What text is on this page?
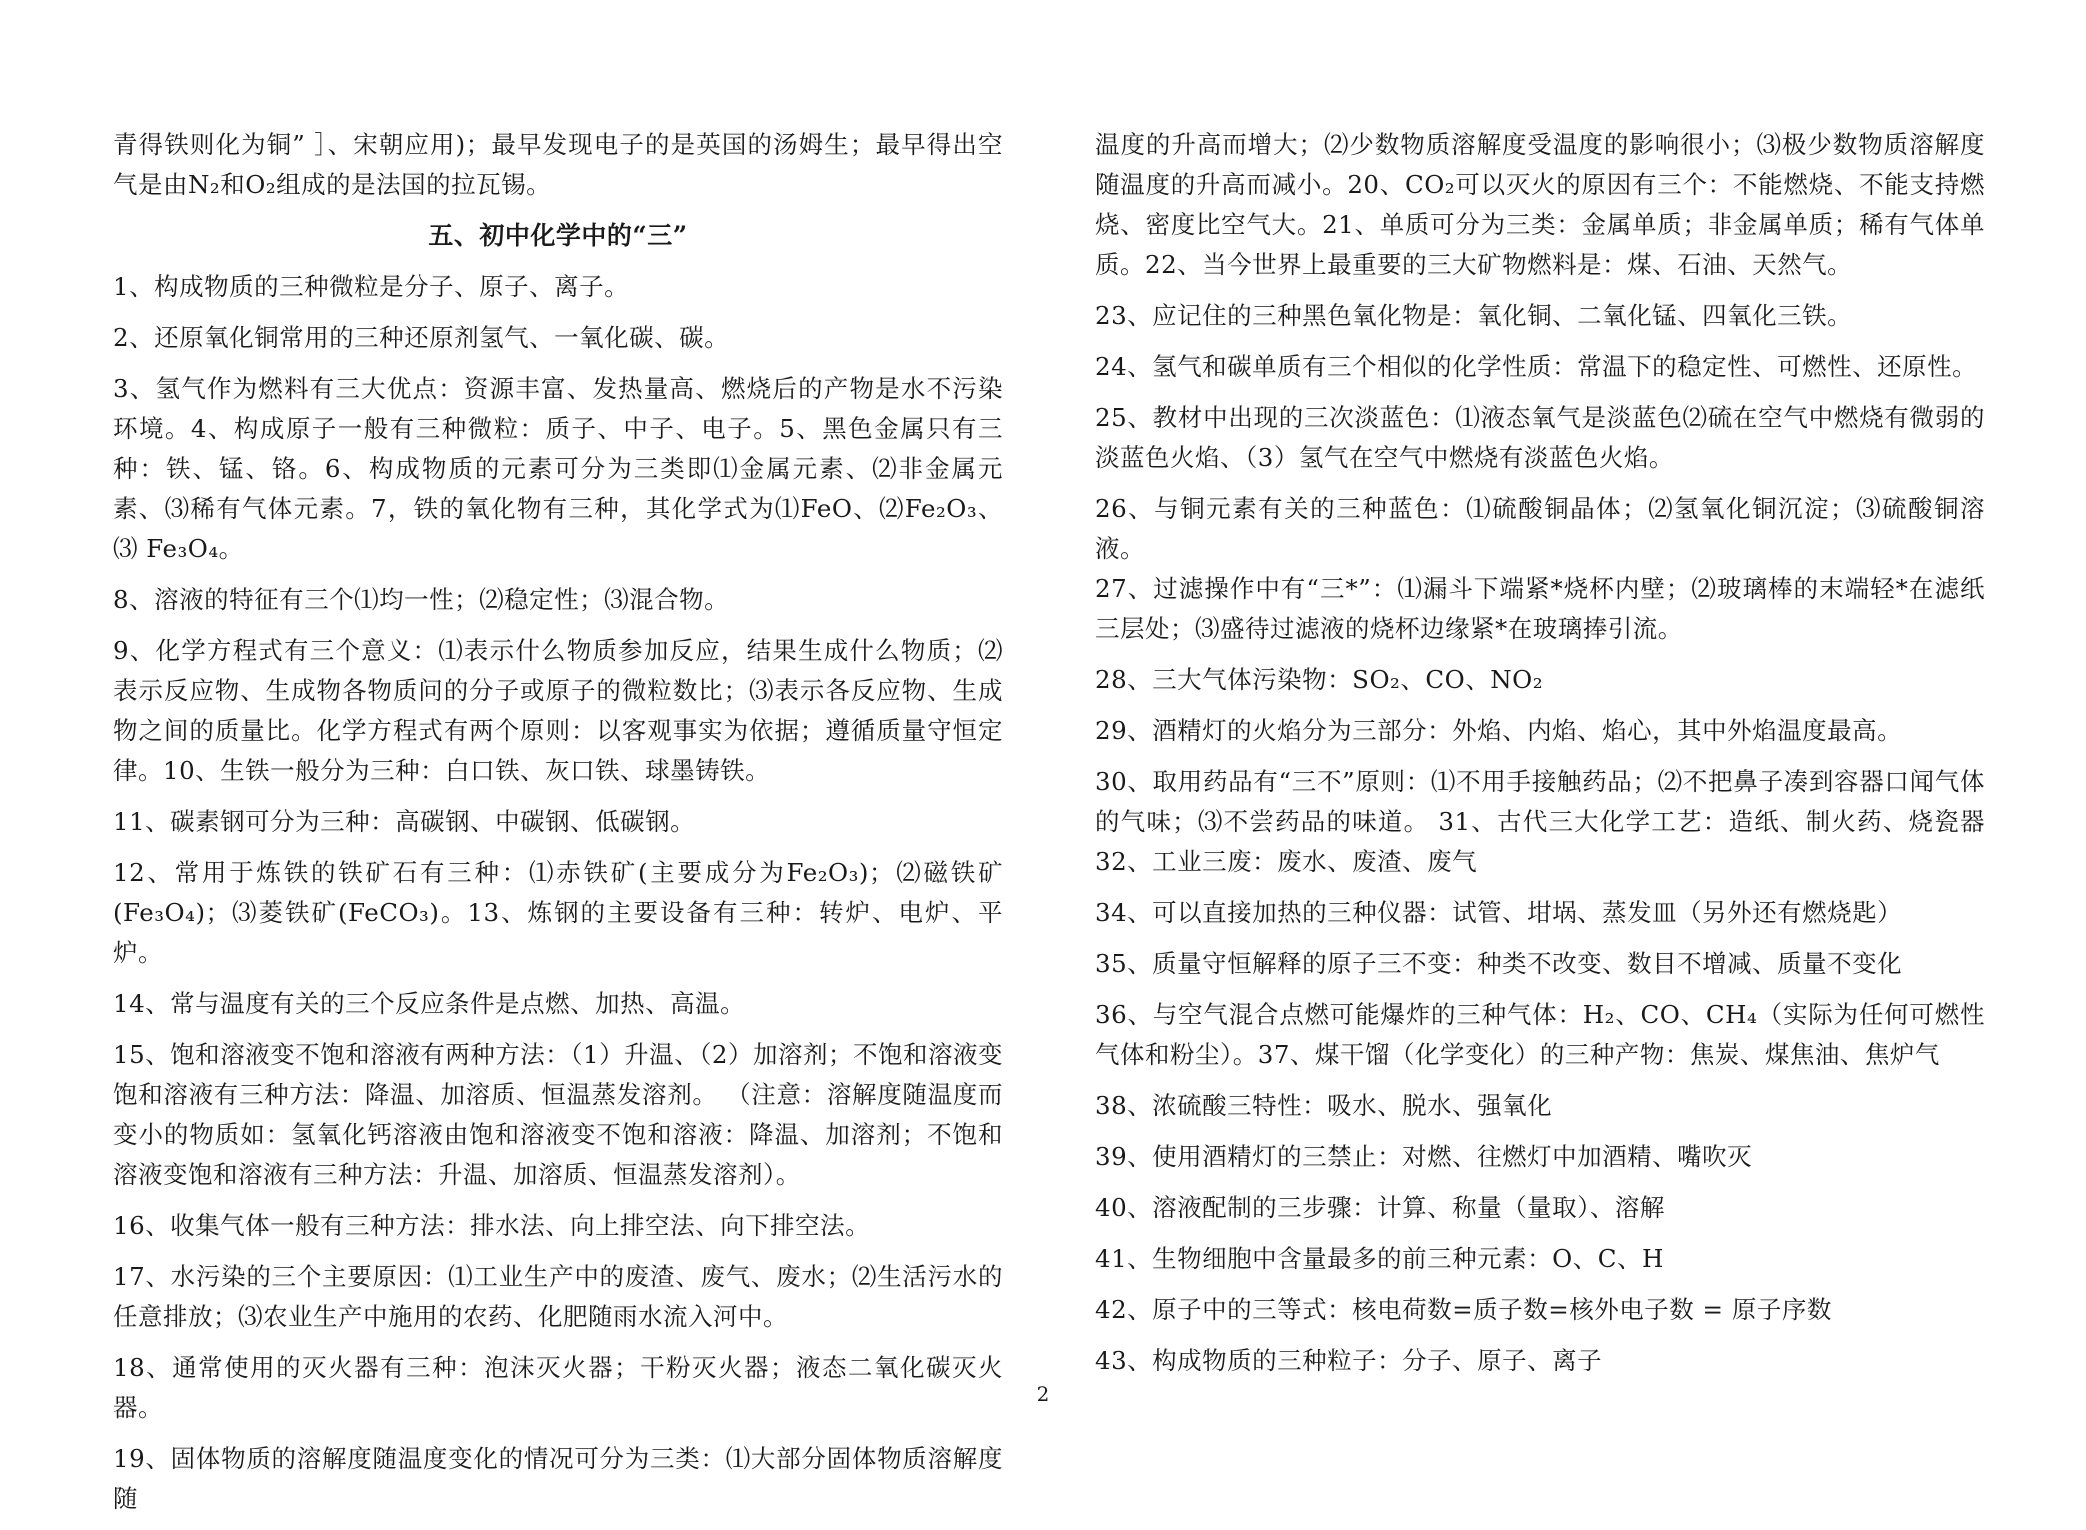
青得铁则化为铜” ］、宋朝应用)；最早发现电子的是英国的汤姆生；最早得出空气是由N₂和O₂组成的是法国的拉瓦锡。

五、初中化学中的“三”

1、构成物质的三种微粒是分子、原子、离子。

2、还原氧化铜常用的三种还原剂氢气、一氧化碳、碳。

3、氢气作为燃料有三大优点：资源丰富、发热量高、燃烧后的产物是水不污染环境。4、构成原子一般有三种微粒：质子、中子、电子。5、黑色金属只有三种：铁、锰、铬。6、构成物质的元素可分为三类即⑴金属元素、⑵非金属元素、⑶稀有气体元素。7，铁的氧化物有三种，其化学式为⑴FeO、⑵Fe₂O₃、⑶ Fe₃O₄。

8、溶液的特征有三个⑴均一性；⑵稳定性；⑶混合物。

9、化学方程式有三个意义：⑴表示什么物质参加反应，结果生成什么物质；⑵表示反应物、生成物各物质问的分子或原子的微粒数比；⑶表示各反应物、生成物之间的质量比。化学方程式有两个原则：以客观事实为依据；遵循质量守恒定律。10、生铁一般分为三种：白口铁、灰口铁、球墨铸铁。

11、碳素钢可分为三种：高碳钢、中碳钢、低碳钢。

12、常用于炼铁的铁矿石有三种：⑴赤铁矿(主要成分为Fe₂O₃)；⑵磁铁矿(Fe₃O₄)；⑶菱铁矿(FeCO₃)。13、炼钢的主要设备有三种：转炉、电炉、平炉。

14、常与温度有关的三个反应条件是点燃、加热、高温。

15、饱和溶液变不饱和溶液有两种方法：（1）升温、（2）加溶剂；不饱和溶液变饱和溶液有三种方法：降温、加溶质、恒温蒸发溶剂。 （注意：溶解度随温度而变小的物质如：氢氧化钙溶液由饱和溶液变不饱和溶液：降温、加溶剂；不饱和溶液变饱和溶液有三种方法：升温、加溶质、恒温蒸发溶剂）。

16、收集气体一般有三种方法：排水法、向上排空法、向下排空法。

17、水污染的三个主要原因：⑴工业生产中的废渣、废气、废水；⑵生活污水的任意排放；⑶农业生产中施用的农药、化肥随雨水流入河中。

18、通常使用的灭火器有三种：泡沫灭火器；干粉灭火器；液态二氧化碳灭火器。

19、固体物质的溶解度随温度变化的情况可分为三类：⑴大部分固体物质溶解度随

温度的升高而增大；⑵少数物质溶解度受温度的影响很小；⑶极少数物质溶解度随温度的升高而减小。20、CO₂可以灭火的原因有三个：不能燃烧、不能支持燃烧、密度比空气大。21、单质可分为三类：金属单质；非金属单质；稀有气体单质。22、当今世界上最重要的三大矿物燃料是：煤、石油、天然气。

23、应记住的三种黑色氧化物是：氧化铜、二氧化锰、四氧化三铁。

24、氢气和碳单质有三个相似的化学性质：常温下的稳定性、可燃性、还原性。

25、教材中出现的三次淡蓝色：⑴液态氧气是淡蓝色⑵硫在空气中燃烧有微弱的淡蓝色火焰、（3）氢气在空气中燃烧有淡蓝色火焰。

26、与铜元素有关的三种蓝色：⑴硫酸铜晶体；⑵氢氧化铜沉淀；⑶硫酸铜溶液。

27、过滤操作中有“三*”：⑴漏斗下端紧*烧杯内壁；⑵玻璃棒的末端轻*在滤纸三层处；⑶盛待过滤液的烧杯边缘紧*在玻璃捧引流。

28、三大气体污染物：SO₂、CO、NO₂

29、酒精灯的火焰分为三部分：外焰、内焰、焰心，其中外焰温度最高。

30、取用药品有“三不”原则：⑴不用手接触药品；⑵不把鼻子凑到容器口闻气体的气味；⑶不尝药品的味道。 31、古代三大化学工艺：造纸、制火药、烧瓷器 32、工业三废：废水、废渣、废气

34、可以直接加热的三种仪器：试管、坩埚、蒸发皿（另外还有燃烧匙）

35、质量守恒解释的原子三不变：种类不改变、数目不增减、质量不变化

36、与空气混合点燃可能爆炸的三种气体：H₂、CO、CH₄（实际为任何可燃性气体和粉尘）。37、煤干馏（化学变化）的三种产物：焦炭、煤焦油、焦炉气

38、浓硫酸三特性：吸水、脱水、强氧化

39、使用酒精灯的三禁止：对燃、往燃灯中加酒精、嘴吹灭

40、溶液配制的三步骤：计算、称量（量取）、溶解

41、生物细胞中含量最多的前三种元素：O、C、H

42、原子中的三等式：核电荷数=质子数=核外电子数 = 原子序数

43、构成物质的三种粒子：分子、原子、离子

2
